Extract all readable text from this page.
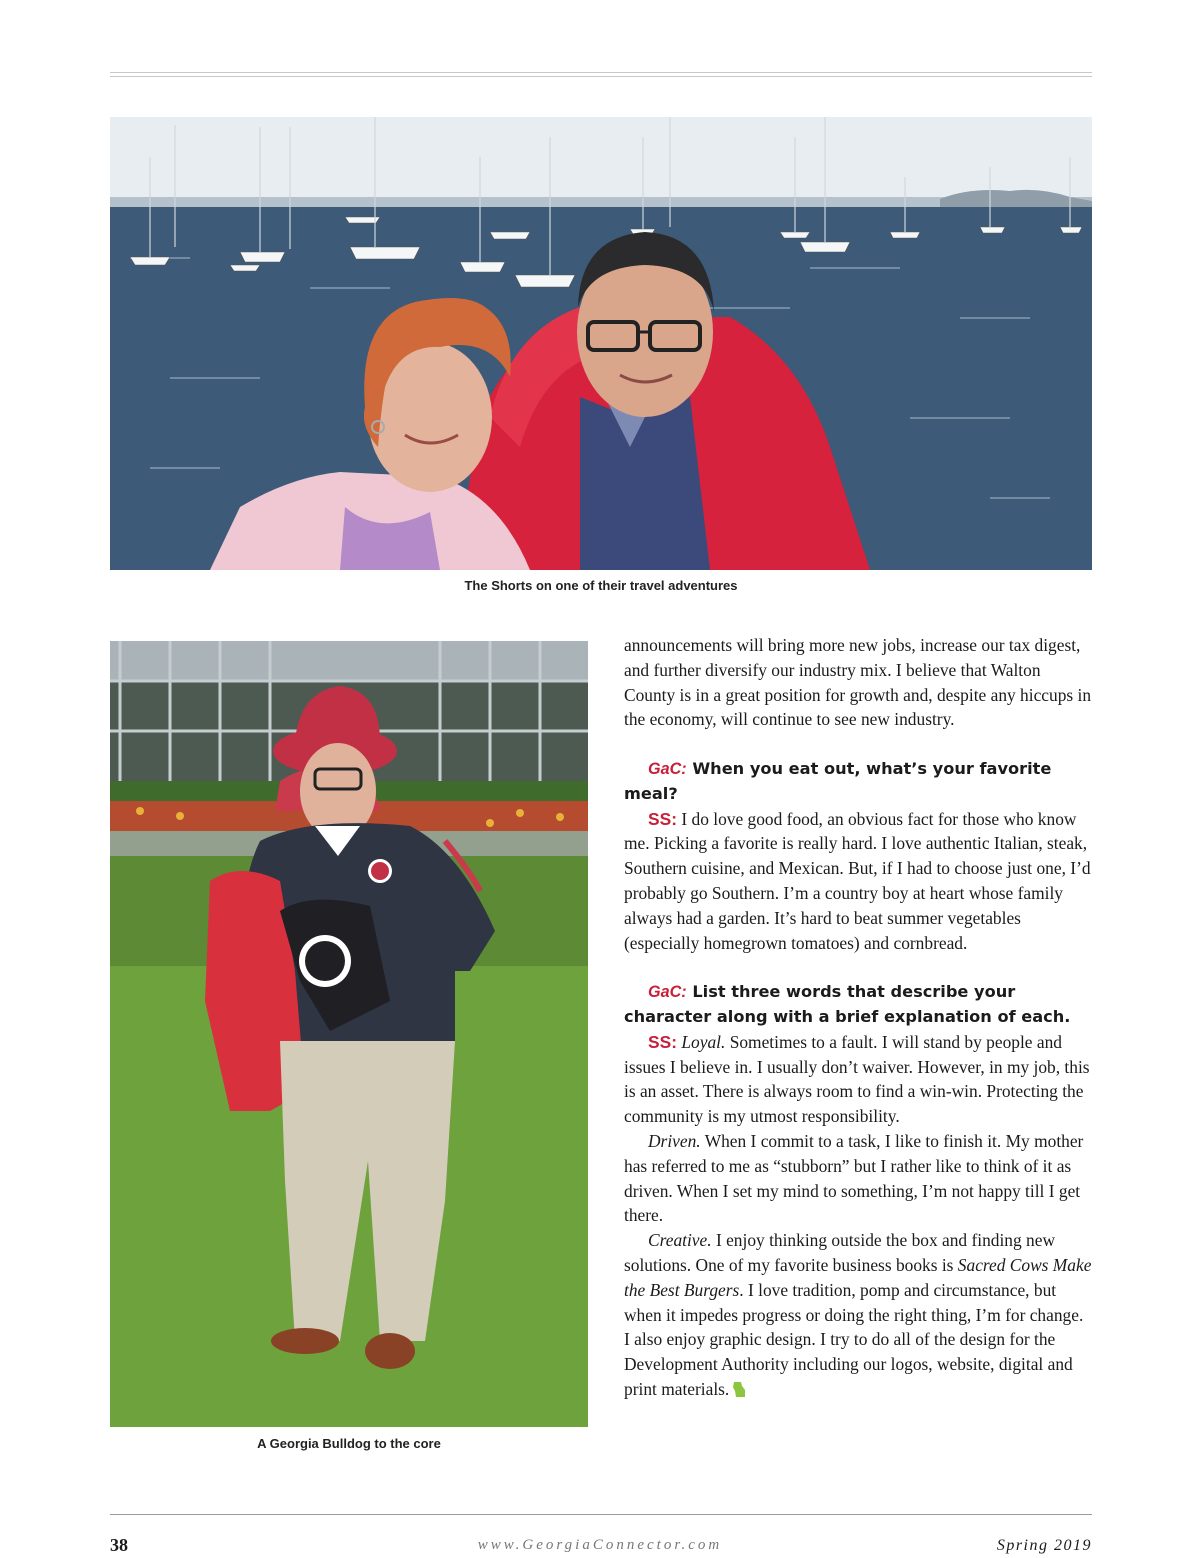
The Shorts on one of their travel adventures
A Georgia Bulldog to the core

announcements will bring more new jobs, increase our tax digest, and further diversify our industry mix. I believe that Walton County is in a great position for growth and, despite any hiccups in the economy, will continue to see new industry.

GaC: When you eat out, what’s your favorite meal?

SS: I do love good food, an obvious fact for those who know me. Picking a favorite is really hard. I love authentic Italian, steak, Southern cuisine, and Mexican. But, if I had to choose just one, I’d probably go Southern. I’m a country boy at heart whose family always had a garden. It’s hard to beat summer vegetables (especially homegrown tomatoes) and cornbread.

GaC: List three words that describe your character along with a brief explanation of each.

SS: Loyal. Sometimes to a fault. I will stand by people and issues I believe in. I usually don’t waiver. However, in my job, this is an asset. There is always room to find a win-win. Protecting the community is my utmost responsibility.

Driven. When I commit to a task, I like to finish it. My mother has referred to me as “stubborn” but I rather like to think of it as driven. When I set my mind to something, I’m not happy till I get there.

Creative. I enjoy thinking outside the box and finding new solutions. One of my favorite business books is Sacred Cows Make the Best Burgers. I love tradition, pomp and circumstance, but when it impedes progress or doing the right thing, I’m for change. I also enjoy graphic design. I try to do all of the design for the Development Authority including our logos, website, digital and print materials.

38	www.GeorgiaConnector.com	Spring 2019
